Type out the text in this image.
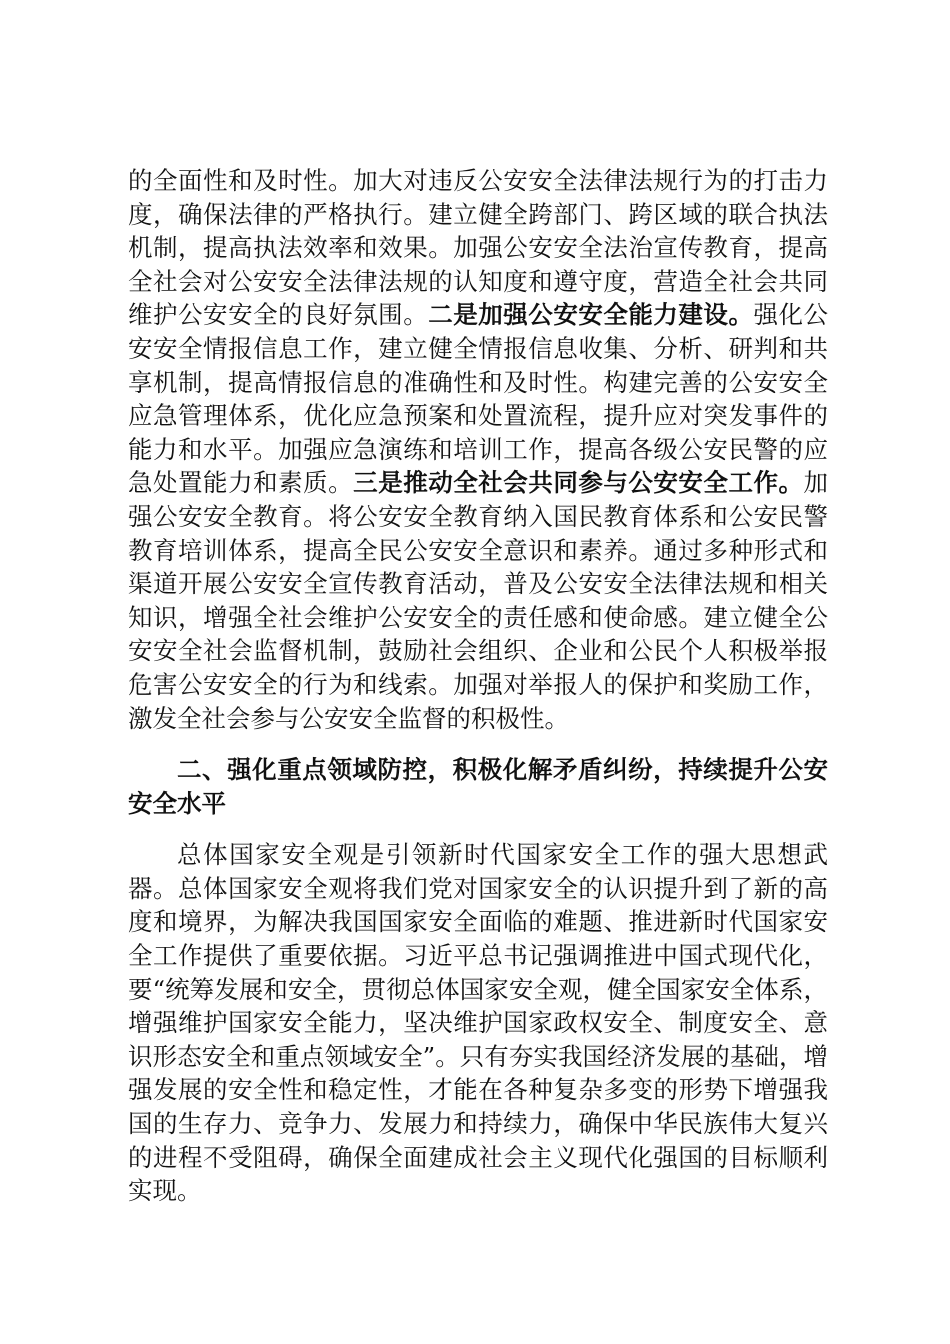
的全面性和及时性。加大对违反公安安全法律法规行为的打击力度，确保法律的严格执行。建立健全跨部门、跨区域的联合执法机制，提高执法效率和效果。加强公安安全法治宣传教育，提高全社会对公安安全法律法规的认知度和遵守度，营造全社会共同维护公安安全的良好氛围。二是加强公安安全能力建设。强化公安安全情报信息工作，建立健全情报信息收集、分析、研判和共享机制，提高情报信息的准确性和及时性。构建完善的公安安全应急管理体系，优化应急预案和处置流程，提升应对突发事件的能力和水平。加强应急演练和培训工作，提高各级公安民警的应急处置能力和素质。三是推动全社会共同参与公安安全工作。加强公安安全教育。将公安安全教育纳入国民教育体系和公安民警教育培训体系，提高全民公安安全意识和素养。通过多种形式和渠道开展公安安全宣传教育活动，普及公安安全法律法规和相关知识，增强全社会维护公安安全的责任感和使命感。建立健全公安安全社会监督机制，鼓励社会组织、企业和公民个人积极举报危害公安安全的行为和线索。加强对举报人的保护和奖励工作，激发全社会参与公安安全监督的积极性。

二、强化重点领域防控，积极化解矛盾纠纷，持续提升公安安全水平

总体国家安全观是引领新时代国家安全工作的强大思想武器。总体国家安全观将我们党对国家安全的认识提升到了新的高度和境界，为解决我国国家安全面临的难题、推进新时代国家安全工作提供了重要依据。习近平总书记强调推进中国式现代化，要“统筹发展和安全，贯彻总体国家安全观，健全国家安全体系，增强维护国家安全能力，坚决维护国家政权安全、制度安全、意识形态安全和重点领域安全”。只有夯实我国经济发展的基础，增强发展的安全性和稳定性，才能在各种复杂多变的形势下增强我国的生存力、竞争力、发展力和持续力，确保中华民族伟大复兴的进程不受阻碍，确保全面建成社会主义现代化强国的目标顺利实现。
